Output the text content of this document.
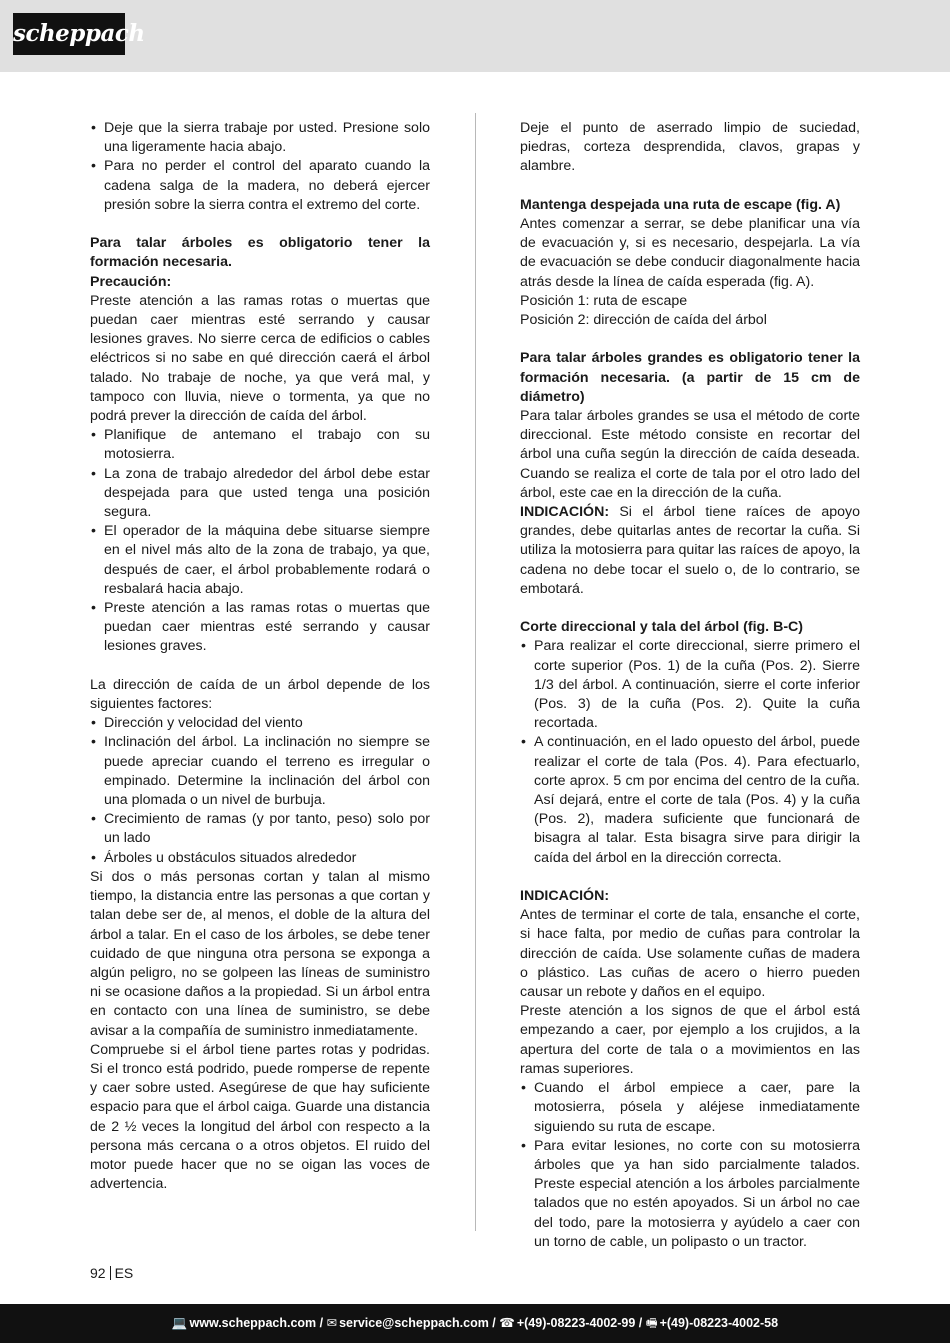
scheppach
• Deje que la sierra trabaje por usted. Presione solo una ligeramente hacia abajo.
• Para no perder el control del aparato cuando la cadena salga de la madera, no deberá ejercer presión sobre la sierra contra el extremo del corte.

Para talar árboles es obligatorio tener la formación necesaria.

Precaución:

Preste atención a las ramas rotas o muertas que puedan caer mientras esté serrando y causar lesiones graves. No sierre cerca de edificios o cables eléctricos si no sabe en qué dirección caerá el árbol talado. No trabaje de noche, ya que verá mal, y tampoco con lluvia, nieve o tormenta, ya que no podrá prever la dirección de caída del árbol.

• Planifique de antemano el trabajo con su motosierra.
• La zona de trabajo alrededor del árbol debe estar despejada para que usted tenga una posición segura.
• El operador de la máquina debe situarse siempre en el nivel más alto de la zona de trabajo, ya que, después de caer, el árbol probablemente rodará o resbalará hacia abajo.
• Preste atención a las ramas rotas o muertas que puedan caer mientras esté serrando y causar lesiones graves.

La dirección de caída de un árbol depende de los siguientes factores:

• Dirección y velocidad del viento
• Inclinación del árbol. La inclinación no siempre se puede apreciar cuando el terreno es irregular o empinado. Determine la inclinación del árbol con una plomada o un nivel de burbuja.
• Crecimiento de ramas (y por tanto, peso) solo por un lado
• Árboles u obstáculos situados alrededor

Si dos o más personas cortan y talan al mismo tiempo, la distancia entre las personas a que cortan y talan debe ser de, al menos, el doble de la altura del árbol a talar. En el caso de los árboles, se debe tener cuidado de que ninguna otra persona se exponga a algún peligro, no se golpeen las líneas de suministro ni se ocasione daños a la propiedad. Si un árbol entra en contacto con una línea de suministro, se debe avisar a la compañía de suministro inmediatamente.

Compruebe si el árbol tiene partes rotas y podridas. Si el tronco está podrido, puede romperse de repente y caer sobre usted. Asegúrese de que hay suficiente espacio para que el árbol caiga. Guarde una distancia de 2 ½ veces la longitud del árbol con respecto a la persona más cercana o a otros objetos. El ruido del motor puede hacer que no se oigan las voces de advertencia.

Deje el punto de aserrado limpio de suciedad, piedras, corteza desprendida, clavos, grapas y alambre.

Mantenga despejada una ruta de escape (fig. A)

Antes comenzar a serrar, se debe planificar una vía de evacuación y, si es necesario, despejarla. La vía de evacuación se debe conducir diagonalmente hacia atrás desde la línea de caída esperada (fig. A).

Posición 1: ruta de escape

Posición 2: dirección de caída del árbol

Para talar árboles grandes es obligatorio tener la formación necesaria. (a partir de 15 cm de diámetro)

Para talar árboles grandes se usa el método de corte direccional. Este método consiste en recortar del árbol una cuña según la dirección de caída deseada. Cuando se realiza el corte de tala por el otro lado del árbol, este cae en la dirección de la cuña.

INDICACIÓN: Si el árbol tiene raíces de apoyo grandes, debe quitarlas antes de recortar la cuña. Si utiliza la motosierra para quitar las raíces de apoyo, la cadena no debe tocar el suelo o, de lo contrario, se embotará.

Corte direccional y tala del árbol (fig. B-C)

• Para realizar el corte direccional, sierre primero el corte superior (Pos. 1) de la cuña (Pos. 2). Sierre 1/3 del árbol. A continuación, sierre el corte inferior (Pos. 3) de la cuña (Pos. 2). Quite la cuña recortada.
• A continuación, en el lado opuesto del árbol, puede realizar el corte de tala (Pos. 4). Para efectuarlo, corte aprox. 5 cm por encima del centro de la cuña. Así dejará, entre el corte de tala (Pos. 4) y la cuña (Pos. 2), madera suficiente que funcionará de bisagra al talar. Esta bisagra sirve para dirigir la caída del árbol en la dirección correcta.

INDICACIÓN:

Antes de terminar el corte de tala, ensanche el corte, si hace falta, por medio de cuñas para controlar la dirección de caída. Use solamente cuñas de madera o plástico. Las cuñas de acero o hierro pueden causar un rebote y daños en el equipo.

Preste atención a los signos de que el árbol está empezando a caer, por ejemplo a los crujidos, a la apertura del corte de tala o a movimientos en las ramas superiores.

• Cuando el árbol empiece a caer, pare la motosierra, pósela y aléjese inmediatamente siguiendo su ruta de escape.
• Para evitar lesiones, no corte con su motosierra árboles que ya han sido parcialmente talados. Preste especial atención a los árboles parcialmente talados que no estén apoyados. Si un árbol no cae del todo, pare la motosierra y ayúdelo a caer con un torno de cable, un polipasto o un tractor.
92 ES
💻 www.scheppach.com / ✉ service@scheppach.com / ☎ +(49)-08223-4002-99 / 🖷 +(49)-08223-4002-58
